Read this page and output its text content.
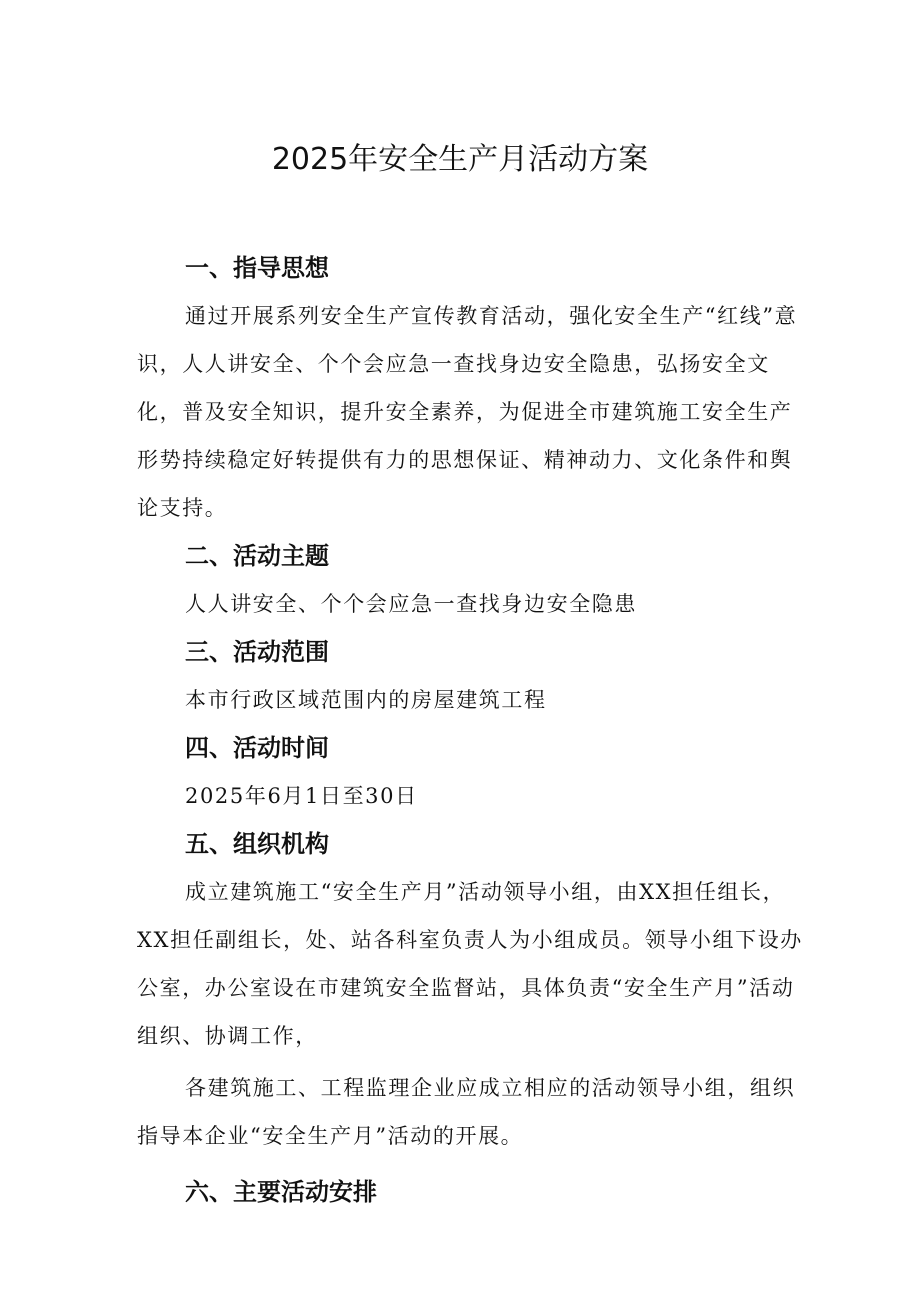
2025年安全生产月活动方案
一、指导思想

通过开展系列安全生产宣传教育活动，强化安全生产“红线”意识，人人讲安全、个个会应急一查找身边安全隐患，弘扬安全文化，普及安全知识，提升安全素养，为促进全市建筑施工安全生产形势持续稳定好转提供有力的思想保证、精神动力、文化条件和舆论支持。

二、活动主题

人人讲安全、个个会应急一查找身边安全隐患

三、活动范围

本市行政区域范围内的房屋建筑工程

四、活动时间

2025年6月1日至30日

五、组织机构

成立建筑施工“安全生产月”活动领导小组，由XX担任组长，XX担任副组长，处、站各科室负责人为小组成员。领导小组下设办公室，办公室设在市建筑安全监督站，具体负责“安全生产月”活动组织、协调工作，

各建筑施工、工程监理企业应成立相应的活动领导小组，组织指导本企业“安全生产月”活动的开展。

六、主要活动安排
